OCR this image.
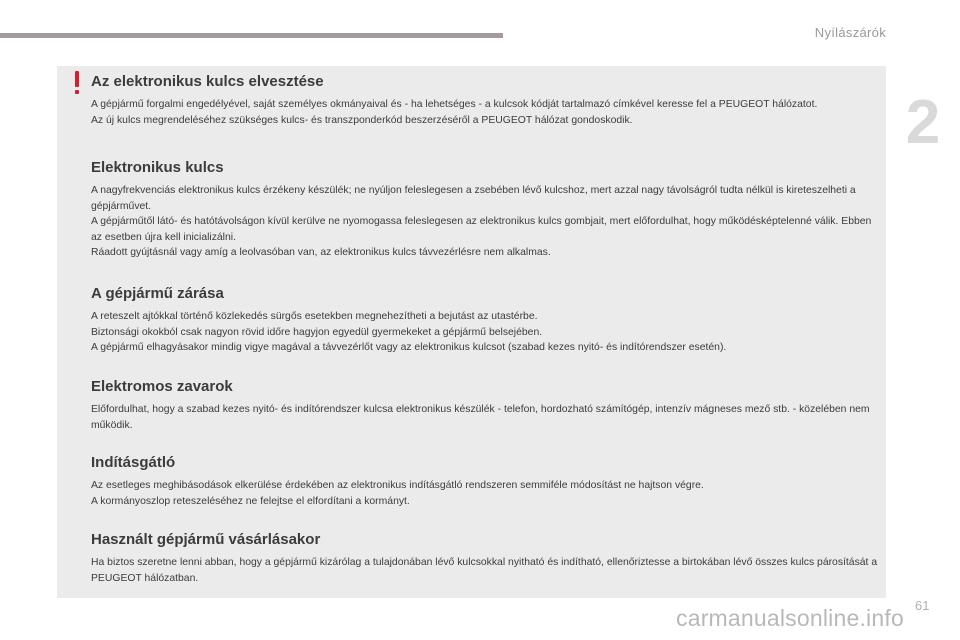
Nyílászárók
2
Az elektronikus kulcs elvesztése

A gépjármű forgalmi engedélyével, saját személyes okmányaival és - ha lehetséges - a kulcsok kódját tartalmazó címkével keresse fel a PEUGEOT hálózatot.
Az új kulcs megrendeléséhez szükséges kulcs- és transzponderkód beszerzéséről a PEUGEOT hálózat gondoskodik.

Elektronikus kulcs

A nagyfrekvenciás elektronikus kulcs érzékeny készülék; ne nyúljon feleslegesen a zsebében lévő kulcshoz, mert azzal nagy távolságról tudta nélkül is kireteszelheti a gépjárművet.
A gépjárműtől látó- és hatótávolságon kívül kerülve ne nyomogassa feleslegesen az elektronikus kulcs gombjait, mert előfordulhat, hogy működésképtelenné válik. Ebben az esetben újra kell inicializálni.
Ráadott gyújtásnál vagy amíg a leolvasóban van, az elektronikus kulcs távvezérlésre nem alkalmas.

A gépjármű zárása

A reteszelt ajtókkal történő közlekedés sürgős esetekben megnehezítheti a bejutást az utastérbe.
Biztonsági okokból csak nagyon rövid időre hagyjon egyedül gyermekeket a gépjármű belsejében.
A gépjármű elhagyásakor mindig vigye magával a távvezérlőt vagy az elektronikus kulcsot (szabad kezes nyitó- és indítórendszer esetén).

Elektromos zavarok

Előfordulhat, hogy a szabad kezes nyitó- és indítórendszer kulcsa elektronikus készülék - telefon, hordozható számítógép, intenzív mágneses mező stb. - közelében nem működik.

Indításgátló

Az esetleges meghibásodások elkerülése érdekében az elektronikus indításgátló rendszeren semmiféle módosítást ne hajtson végre.
A kormányoszlop reteszeléséhez ne felejtse el elfordítani a kormányt.

Használt gépjármű vásárlásakor

Ha biztos szeretne lenni abban, hogy a gépjármű kizárólag a tulajdonában lévő kulcsokkal nyitható és indítható, ellenőriztesse a birtokában lévő összes kulcs párosítását a PEUGEOT hálózatban.

carmanualsonline.info 61
